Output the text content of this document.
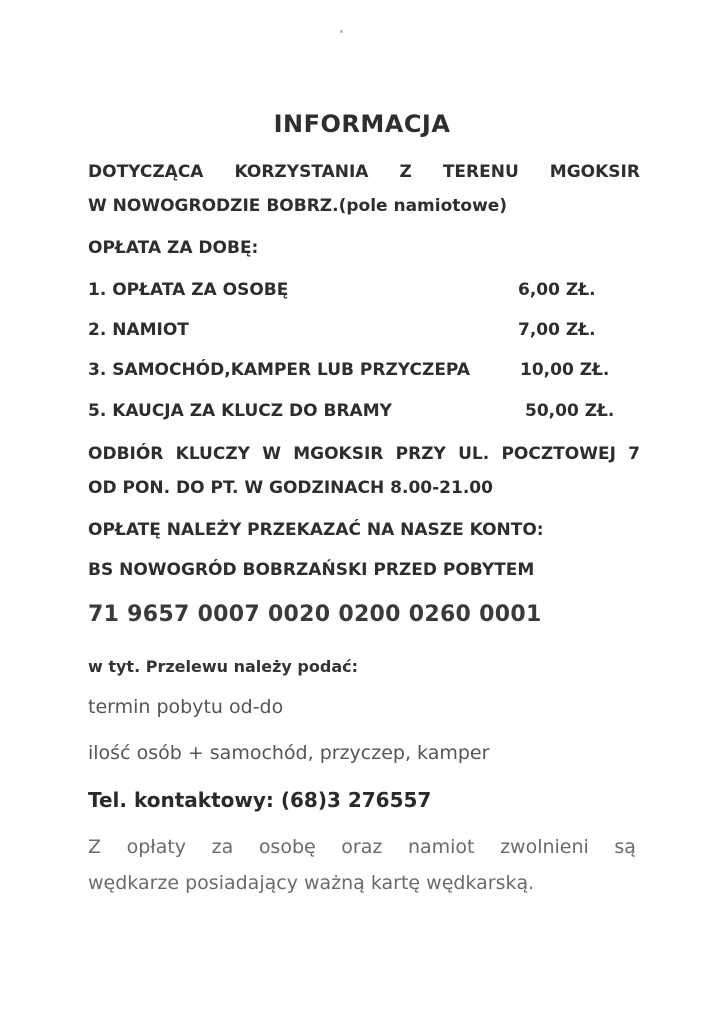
INFORMACJA
DOTYCZĄCA KORZYSTANIA Z TERENU MGOKSIR
W NOWOGRODZIE BOBRZ.(pole namiotowe)
OPŁATA ZA DOBĘ:
1. OPŁATA ZA OSOBĘ	6,00 ZŁ.
2. NAMIOT	7,00 ZŁ.
3. SAMOCHÓD,KAMPER LUB PRZYCZEPA	10,00 ZŁ.
5. KAUCJA ZA KLUCZ DO BRAMY	50,00 ZŁ.
ODBIÓR KLUCZY W MGOKSIR PRZY UL. POCZTOWEJ 7
OD PON. DO PT. W GODZINACH 8.00-21.00
OPŁATĘ NALEŻY PRZEKAZAĆ NA NASZE KONTO:
BS NOWOGRÓD BOBRZAŃSKI PRZED POBYTEM
71 9657 0007 0020 0200 0260 0001
w tyt. Przelewu należy podać:
termin pobytu od-do
ilość osób + samochód, przyczep, kamper
Tel. kontaktowy: (68)3 276557
Z opłaty za osobę oraz namiot zwolnieni są
wędkarze posiadający ważną kartę wędkarską.
